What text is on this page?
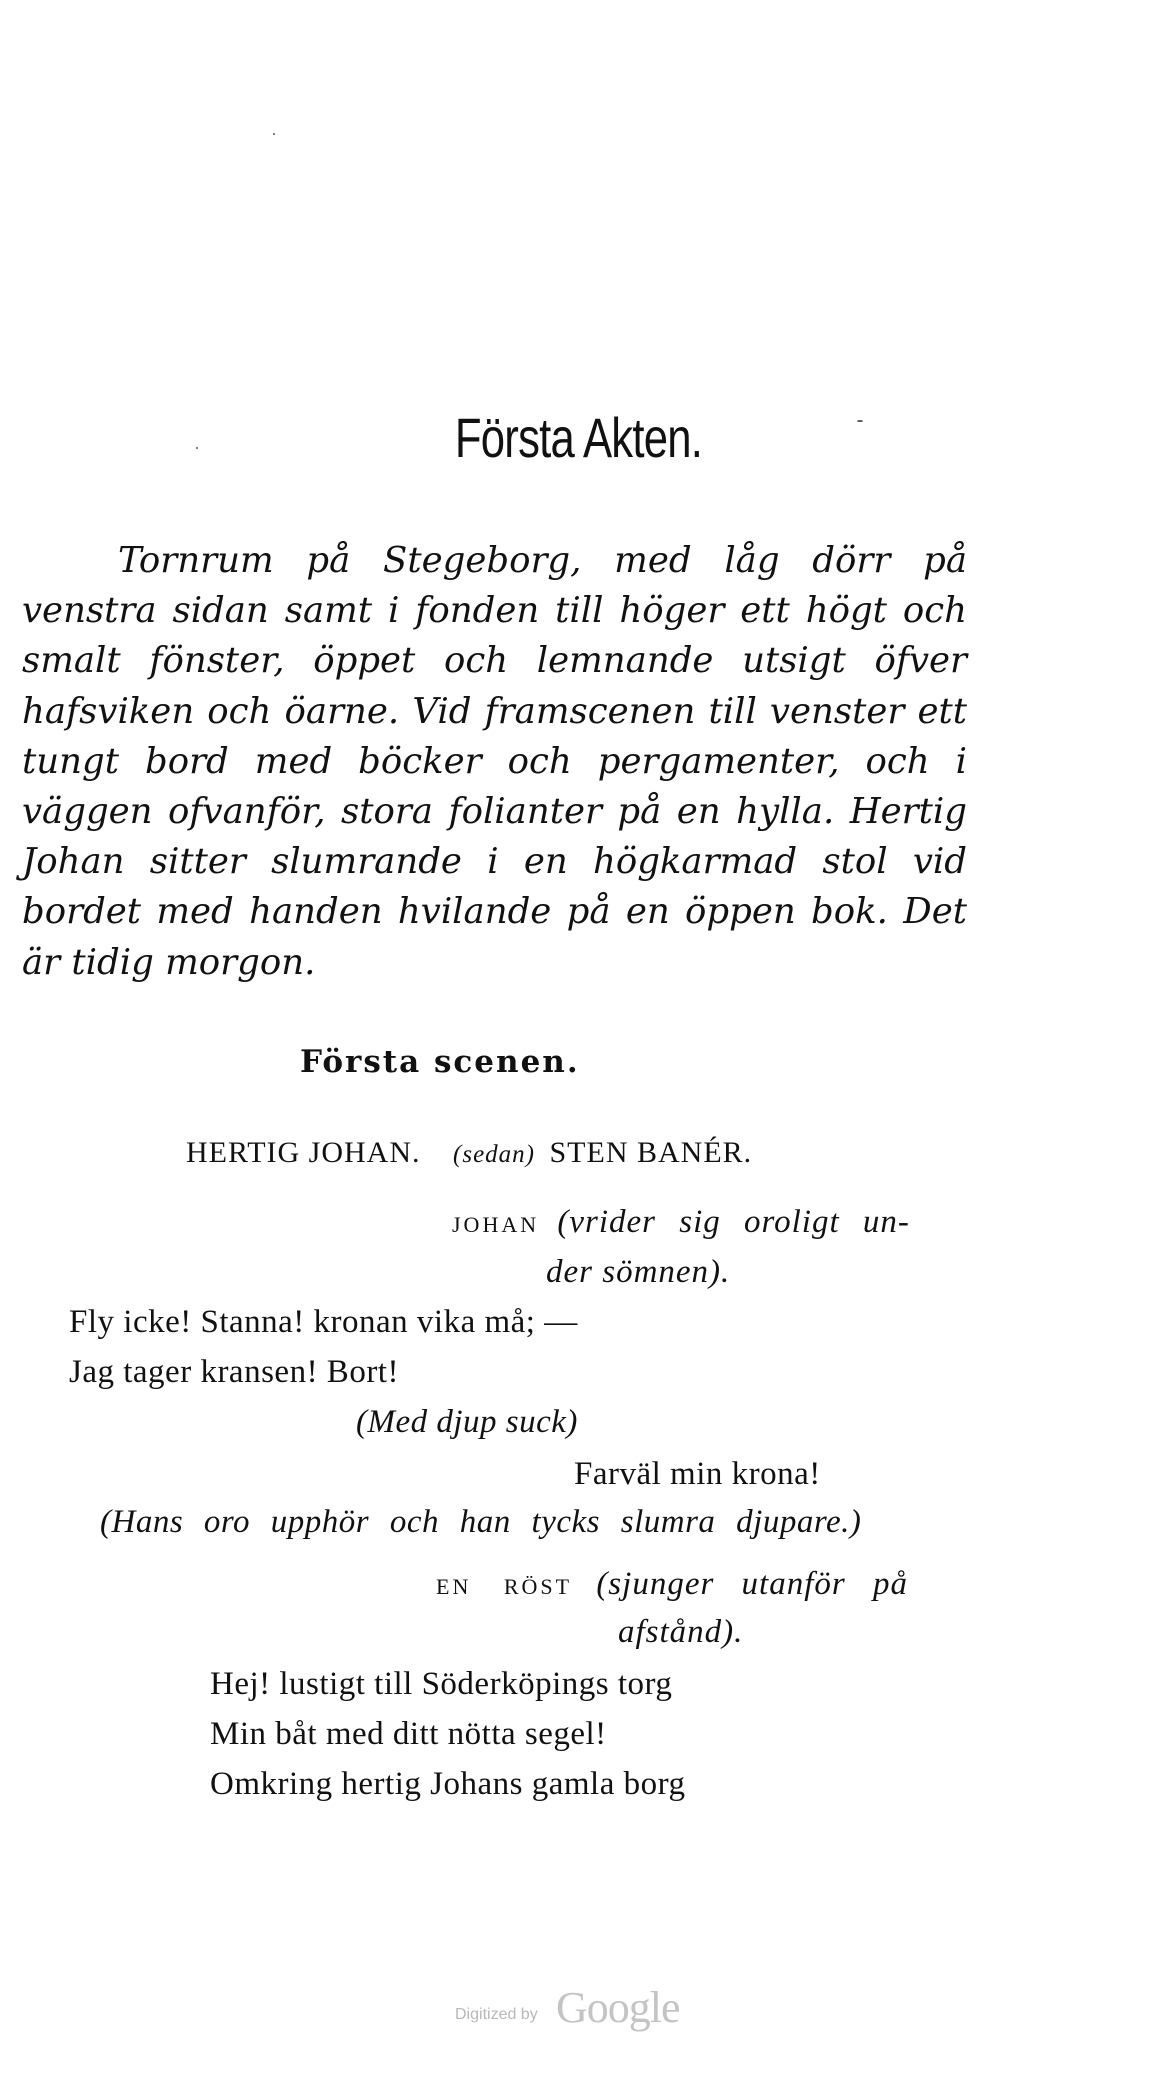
Första Akten.
Tornrum på Stegeborg, med låg dörr på venstra sidan samt i fonden till höger ett högt och smalt fönster, öppet och lemnande utsigt öfver hafsviken och öarne. Vid framscenen till venster ett tungt bord med böcker och pergamenter, och i väggen ofvanför, stora folianter på en hylla. Hertig Johan sitter slumrande i en högkarmad stol vid bordet med handen hvilande på en öppen bok. Det är tidig morgon.
Första scenen.
HERTIG JOHAN. (sedan) STEN BANÉR.
JOHAN (vrider sig oroligt un-
der sömnen).
Fly icke! Stanna! kronan vika må; —
Jag tager kransen! Bort!
(Med djup suck)
Farväl min krona!
(Hans oro upphör och han tycks slumra djupare.)
EN RÖST (sjunger utanför på
afstånd).
Hej! lustigt till Söderköpings torg
Min båt med ditt nötta segel!
Omkring hertig Johans gamla borg
Digitized by Google
